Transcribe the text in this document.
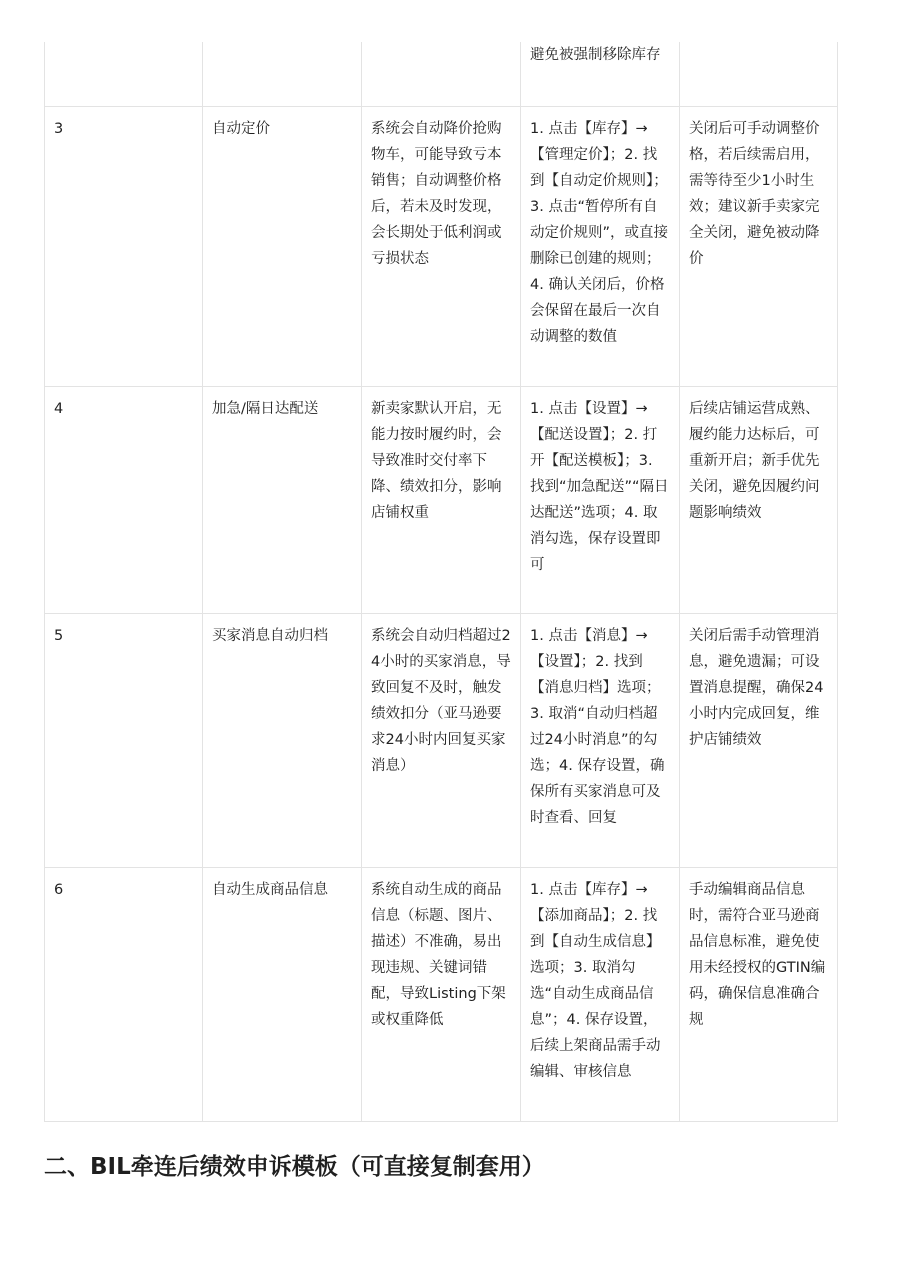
			避免被强制移除库存	
3	自动定价	系统会自动降价抢购物车，可能导致亏本销售；自动调整价格后，若未及时发现，会长期处于低利润或亏损状态	1. 点击【库存】→【管理定价】；2. 找到【自动定价规则】；3. 点击“暂停所有自动定价规则”，或直接删除已创建的规则；4. 确认关闭后，价格会保留在最后一次自动调整的数值	关闭后可手动调整价格，若后续需启用，需等待至少1小时生效；建议新手卖家完全关闭，避免被动降价
4	加急/隔日达配送	新卖家默认开启，无能力按时履约时，会导致准时交付率下降、绩效扣分，影响店铺权重	1. 点击【设置】→【配送设置】；2. 打开【配送模板】；3. 找到“加急配送”“隔日达配送”选项；4. 取消勾选，保存设置即可	后续店铺运营成熟、履约能力达标后，可重新开启；新手优先关闭，避免因履约问题影响绩效
5	买家消息自动归档	系统会自动归档超过24小时的买家消息，导致回复不及时，触发绩效扣分（亚马逊要求24小时内回复买家消息）	1. 点击【消息】→【设置】；2. 找到【消息归档】选项；3. 取消“自动归档超过24小时消息”的勾选；4. 保存设置，确保所有买家消息可及时查看、回复	关闭后需手动管理消息，避免遗漏；可设置消息提醒，确保24小时内完成回复，维护店铺绩效
6	自动生成商品信息	系统自动生成的商品信息（标题、图片、描述）不准确，易出现违规、关键词错配，导致Listing下架或权重降低	1. 点击【库存】→【添加商品】；2. 找到【自动生成信息】选项；3. 取消勾选“自动生成商品信息”；4. 保存设置，后续上架商品需手动编辑、审核信息	手动编辑商品信息时，需符合亚马逊商品信息标准，避免使用未经授权的GTIN编码，确保信息准确合规
二、BIL牵连后绩效申诉模板（可直接复制套用）
